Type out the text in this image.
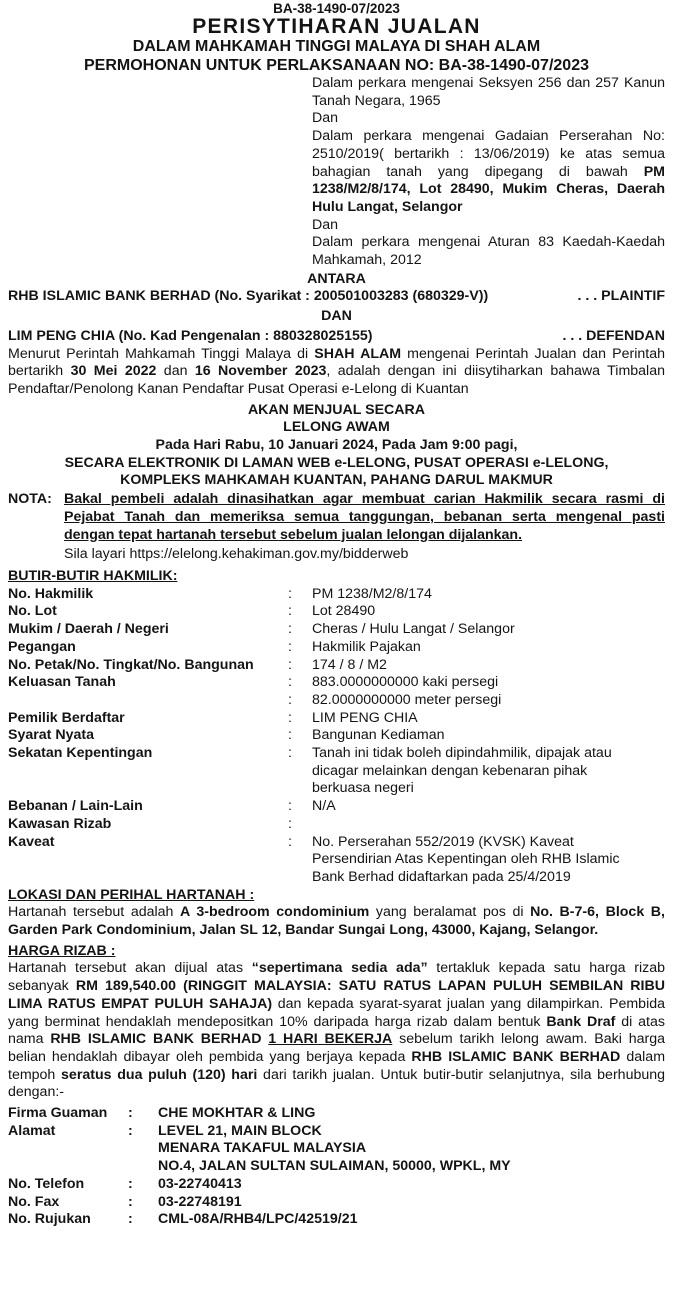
BA-38-1490-07/2023
PERISYTIHARAN JUALAN
DALAM MAHKAMAH TINGGI MALAYA DI SHAH ALAM
PERMOHONAN UNTUK PERLAKSANAAN NO: BA-38-1490-07/2023

Dalam perkara mengenai Seksyen 256 dan 257 Kanun Tanah Negara, 1965

Dan

Dalam perkara mengenai Gadaian Perserahan No: 2510/2019( bertarikh : 13/06/2019) ke atas semua bahagian tanah yang dipegang di bawah PM 1238/M2/8/174, Lot 28490, Mukim Cheras, Daerah Hulu Langat, Selangor

Dan

Dalam perkara mengenai Aturan 83 Kaedah-Kaedah Mahkamah, 2012

ANTARA
RHB ISLAMIC BANK BERHAD (No. Syarikat : 200501003283 (680329-V))	. . . PLAINTIF
DAN
LIM PENG CHIA (No. Kad Pengenalan : 880328025155)	. . . DEFENDAN
Menurut Perintah Mahkamah Tinggi Malaya di SHAH ALAM mengenai Perintah Jualan dan Perintah bertarikh 30 Mei 2022 dan 16 November 2023, adalah dengan ini diisytiharkan bahawa Timbalan Pendaftar/Penolong Kanan Pendaftar Pusat Operasi e-Lelong di Kuantan
AKAN MENJUAL SECARA
LELONG AWAM
Pada Hari Rabu, 10 Januari 2024, Pada Jam 9:00 pagi,
SECARA ELEKTRONIK DI LAMAN WEB e-LELONG, PUSAT OPERASI e-LELONG,
KOMPLEKS MAHKAMAH KUANTAN, PAHANG DARUL MAKMUR
NOTA: Bakal pembeli adalah dinasihatkan agar membuat carian Hakmilik secara rasmi di Pejabat Tanah dan memeriksa semua tanggungan, bebanan serta mengenal pasti dengan tepat hartanah tersebut sebelum jualan lelongan dijalankan.
Sila layari https://elelong.kehakiman.gov.my/bidderweb
BUTIR-BUTIR HAKMILIK:
No. Hakmilik	:	PM 1238/M2/8/174
No. Lot	:	Lot 28490
Mukim / Daerah / Negeri	:	Cheras / Hulu Langat / Selangor
Pegangan	:	Hakmilik Pajakan
No. Petak/No. Tingkat/No. Bangunan	:	174 / 8 / M2
Keluasan Tanah	:	883.0000000000 kaki persegi
:	82.0000000000 meter persegi
Pemilik Berdaftar	:	LIM PENG CHIA
Syarat Nyata	:	Bangunan Kediaman
Sekatan Kepentingan	:	Tanah ini tidak boleh dipindahmilik, dipajak atau dicagar melainkan dengan kebenaran pihak berkuasa negeri
Bebanan / Lain-Lain	:	N/A
Kawasan Rizab	:
Kaveat	:	No. Perserahan 552/2019 (KVSK) Kaveat Persendirian Atas Kepentingan oleh RHB Islamic Bank Berhad didaftarkan pada 25/4/2019
LOKASI DAN PERIHAL HARTANAH :
Hartanah tersebut adalah A 3-bedroom condominium yang beralamat pos di No. B-7-6, Block B, Garden Park Condominium, Jalan SL 12, Bandar Sungai Long, 43000, Kajang, Selangor.
HARGA RIZAB :
Hartanah tersebut akan dijual atas “sepertimana sedia ada” tertakluk kepada satu harga rizab sebanyak RM 189,540.00 (RINGGIT MALAYSIA: SATU RATUS LAPAN PULUH SEMBILAN RIBU LIMA RATUS EMPAT PULUH SAHAJA) dan kepada syarat-syarat jualan yang dilampirkan. Pembida yang berminat hendaklah mendepositkan 10% daripada harga rizab dalam bentuk Bank Draf di atas nama RHB ISLAMIC BANK BERHAD 1 HARI BEKERJA sebelum tarikh lelong awam. Baki harga belian hendaklah dibayar oleh pembida yang berjaya kepada RHB ISLAMIC BANK BERHAD dalam tempoh seratus dua puluh (120) hari dari tarikh jualan. Untuk butir-butir selanjutnya, sila berhubung dengan:-
Firma Guaman	:	CHE MOKHTAR & LING
Alamat	:	LEVEL 21, MAIN BLOCK
MENARA TAKAFUL MALAYSIA
NO.4, JALAN SULTAN SULAIMAN, 50000, WPKL, MY
No. Telefon	:	03-22740413
No. Fax	:	03-22748191
No. Rujukan	:	CML-08A/RHB4/LPC/42519/21
